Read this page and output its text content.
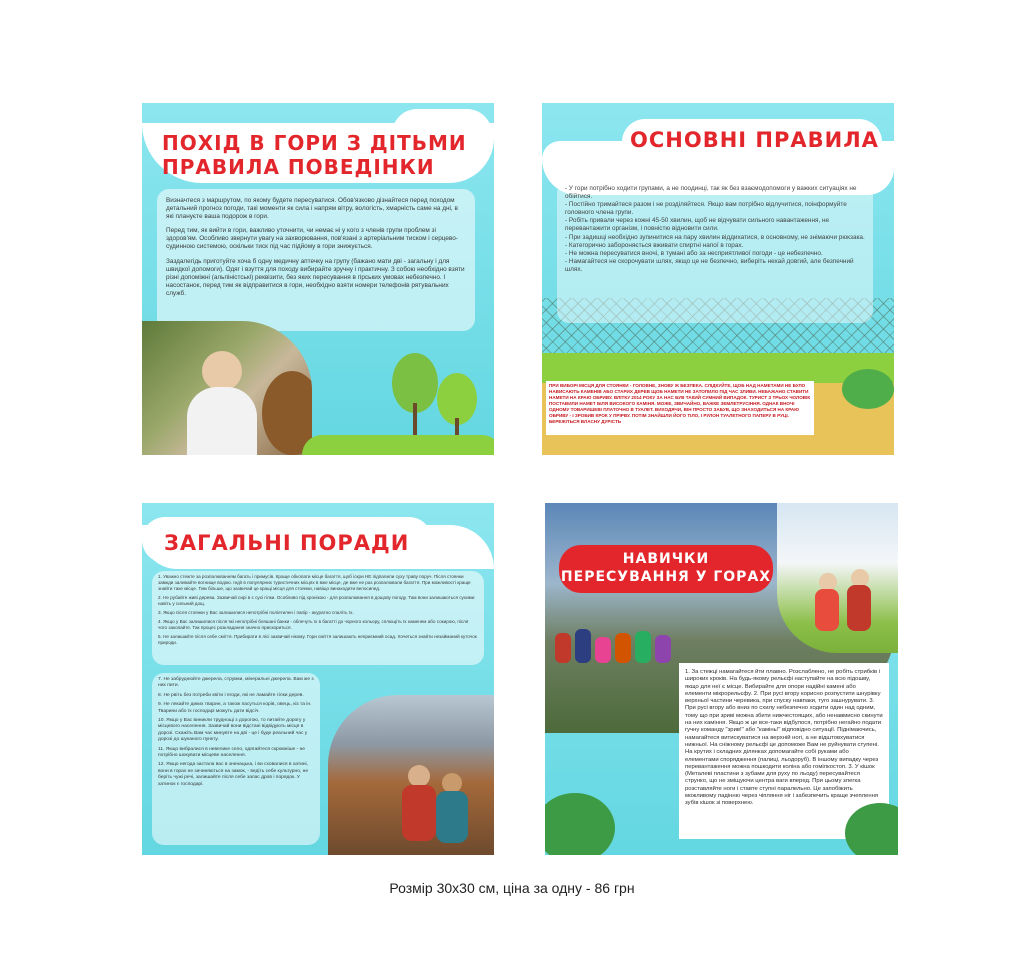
ПОХІД В ГОРИ З ДІТЬМИ
ПРАВИЛА ПОВЕДІНКИ

Визначтеся з маршрутом, по якому будете пересуватися. Обов'язково дізнайтеся перед походом детальний прогноз погоди, такі моменти як сила і напрям вітру, вологість, хмарність саме на дні, в які плануєте ваша подорож в гори.

Перед тим, як вийти в гори, важливо уточнити, чи немає ні у кого з членів групи проблем зі здоров'ям. Особливо звернути увагу на захворювання, пов'язані з артеріальним тиском і серцево-судинною системою, оскільки тиск під час підйому в гори знижується.

Заздалегідь приготуйте хоча б одну медичну аптечку на групу (бажано мати дві - загальну і для швидкої допомоги). Одяг і взуття для походу вибирайте зручну і практичну. З собою необхідно взяти різні допоміжні (альпіністські) реквізити, без яких пересування в гірських умовах небезпечно. І насостанок, перед тим як відправитися в гори, необхідно взяти номери телефонів рятувальних служб.

ОСНОВНІ ПРАВИЛА
- У гори потрібно ходити групами, а не поодинці, так як без взаємодопомоги у важких ситуаціях не обійтися.
- Постійно тримайтеся разом і не розділяйтеся. Якщо вам потрібно відлучитися, поінформуйте головного члена групи.
- Робіть привали через кожні 45-50 хвилин, щоб не відчувати сильного навантаження, не перевантажити організм, і повністю відновити сили.
- При задишці необхідно зупинитися на пару хвилин віддихатися, в основному, не знімаючи рюкзака.
- Категорично забороняється вживати спиртні напої в горах.
- Не можна пересуватися вночі, в тумані або за несприятливої погоди - це небезпечно.
- Намагайтеся не скорочувати шлях, якщо це не безпечно, виберіть нехай довгий, але безпечний шлях.
ПРИ ВИБОРІ МІСЦЯ ДЛЯ СТОЯНКИ - ГОЛОВНЕ, ЗНОВУ Ж БЕЗПЕКА. СЛІДКУЙТЕ, ЩОБ НАД НАМЕТАМИ НЕ БУЛО НАВИСАЮТЬ КАМЕНІВ АБО СТАРИХ ДЕРЕВ ЩОБ НАМЕТИ НЕ ЗАТОПИЛО ПІД ЧАС ЗЛИВИ. НЕБАЖАНО СТАВИТИ НАМЕТИ НА КРАЮ ОБРИВУ. ВЛІТКУ 2014 РОКУ ЗА НАС БУВ ТАКИЙ СУМНИЙ ВИПАДОК. ТУРИСТ З ТРЬОХ ЧОЛОВІК ПОСТАВИЛИ НАМЕТ БІЛЯ ВИСОКОГО КАМІНЯ. МОЖЕ, ЗВИЧАЙНО, ВАЖКЕ ЗЕМЛЕТРУСІННЯ. ОДНАК ВНОЧІ ОДНОМУ ТОВАРИШЕВІ ПЛАТОЧНО В ТУАЛЕТ. ВИХОДЯЧИ, ВІН ПРОСТО ЗАБУВ, ЩО ЗНАХОДИТЬСЯ НА КРАЮ ОБРИВУ - І ЗРОБИВ КРОК У ПРІРВУ. ПОТІМ ЗНАЙШЛИ ЙОГО ТІЛО, І РУЛОН ТУАЛЕТНОГО ПАПЕРУ В РУЦІ. БЕРЕЖІТЬСЯ ВЛАСНУ ДУРІСТЬ
ЗАГАЛЬНІ ПОРАДИ

1. Уважно стежте за розпалюванням багать і примусів. Краще обкопати місце багаття, щоб іскри НЕ підпалили суху траву поруч. Після стоянки завжди заливайте вогнище водою. Індії в популярних туристичних місцях в вже місце, де вже не раз розпалювали багаття. При можливості краще знайти таке місце. Тим більше, що зазвичай це кращі місця для стоянки, навіщо винаходити велосипед.

2. Не рубайте живі дерева. Зазвичай сирі в є сухі гілки. Особливо під хронікою - для розпалювання в дощову погоду. Там вони залишаються сухими навіть у сильний дощ.

3. Якщо після стоянки у Вас залишилися непотрібні поліетилен і папір - акуратно спаліть їх.

4. Якщо у Вас залишилися після їжі непотрібні бляшані банки - обпечуть їх в багатті до чорного кольору, сплющіть їх каменем або сокирою, після чого закопайте. Так процес розкладання значно прискориться.

5. Не залишайте після себе сміття. Прибирати в лісі зазвичай нікому. Гори сміття залишають неприємний осад. Хочеться знайти незайманий куточок природи.

7. Не забруднюйте джерела, струмки, мінеральні джерела. Вам же з них пити.

8. Не рвіть без потреби квіти і ягоди, які не ламайте гілки дерев.

9. Не лякайте диких тварин, а також пасуться корів, овець, кіз та ін. Тварини або їх господарі можуть дати відсіч.

10. Якщо у Вас виникли труднощі з дорогою, то питайте дорогу у місцевого населення. Зазвичай вони відстані відвідують місця в дорозі. Скажіть Вам час минувте на дві - це і буде реальний час у дорозі до шуканого пункту.

11. Якщо вибралися в невелике село, одягайтеся скромніше - не потрібно шокувати місцеве населення.

12. Якщо негода застала вас в зненацька, і ви сховалися в хатині, вони в горах не зачиняються на замок, - ведіть себе культурно, не беріть чужі речі, залишайте після себе запас дров і порядок. У хатинок є господарі.

НАВИЧКИ
ПЕРЕСУВАННЯ У ГОРАХ
1. За стежці намагайтеся йти плавно. Розслаблено, не робіть стрибків і широких кроків. На будь-якому рельєфі наступайте на всю підошву, якщо для неї є місце. Вибирайте для опори надійні камені або елементи мікрорельєфу. 2. При русі вгору корисно розпустити шнурівку верхньої частини черевика, при спуску навпаки, туго зашнурувати. 3. При русі вгору або вниз по схилу небезпечно ходити один над одним, тому що при зриві можна збити нижчестоящих, або ненавмисно скинути на них каміння. Якщо ж це все-таки відбулося, потрібно негайно подати гучну команду "зрив!" або "камінь!" відповідно ситуації. Піднімаючись, намагайтеся витискуватися на верхній ногі, а не відштовхуватися нижньої. На сніжному рельєфі це допоможе Вам не руйнувати ступені. На крутих і складних ділянках допомагайте собі руками або елементами спорядження (палиці, льодоруб). В іншому випадку через перевантаження можна пошкодити коліна або гомілкостоп. 3. У кішок (Металеві пластини з зубами для руху по льоду) пересувайтеся струнко, що не зміщуючи центра ваги вперед. При цьому злегка розставляйте ноги і ставте ступні паралельно. Це запобіжить можливому падінню через чіпляння ніг і забезпечить краще зчеплення зубів кішок зі поверхнею.
Розмір 30х30 см, ціна за одну - 86 грн
